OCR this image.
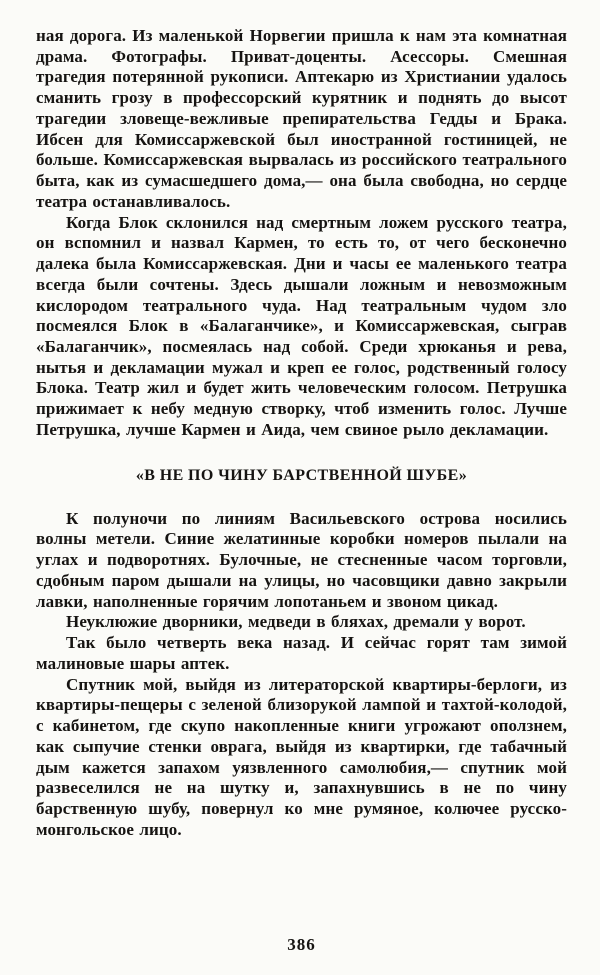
ная дорога. Из маленькой Норвегии пришла к нам эта комнатная драма. Фотографы. Приват-доценты. Асессоры. Смешная трагедия потерянной рукописи. Аптекарю из Христиании удалось сманить грозу в профессорский курятник и поднять до высот трагедии зловеще-вежливые препирательства Гедды и Брака. Ибсен для Комиссаржевской был иностранной гостиницей, не больше. Комиссаржевская вырвалась из российского театрального быта, как из сумасшедшего дома,— она была свободна, но сердце театра останавливалось.

Когда Блок склонился над смертным ложем русского театра, он вспомнил и назвал Кармен, то есть то, от чего бесконечно далека была Комиссаржевская. Дни и часы ее маленького театра всегда были сочтены. Здесь дышали ложным и невозможным кислородом театрального чуда. Над театральным чудом зло посмеялся Блок в «Балаганчике», и Комиссаржевская, сыграв «Балаганчик», посмеялась над собой. Среди хрюканья и рева, нытья и декламации мужал и креп ее голос, родственный голосу Блока. Театр жил и будет жить человеческим голосом. Петрушка прижимает к небу медную створку, чтоб изменить голос. Лучше Петрушка, лучше Кармен и Аида, чем свиное рыло декламации.

«В НЕ ПО ЧИНУ БАРСТВЕННОЙ ШУБЕ»

К полуночи по линиям Васильевского острова носились волны метели. Синие желатинные коробки номеров пылали на углах и подворотнях. Булочные, не стесненные часом торговли, сдобным паром дышали на улицы, но часовщики давно закрыли лавки, наполненные горячим лопотаньем и звоном цикад.

Неуклюжие дворники, медведи в бляхах, дремали у ворот.

Так было четверть века назад. И сейчас горят там зимой малиновые шары аптек.

Спутник мой, выйдя из литераторской квартиры-берлоги, из квартиры-пещеры с зеленой близорукой лампой и тахтой-колодой, с кабинетом, где скупо накопленные книги угрожают оползнем, как сыпучие стенки оврага, выйдя из квартирки, где табачный дым кажется запахом уязвленного самолюбия,— спутник мой развеселился не на шутку и, запахнувшись в не по чину барственную шубу, повернул ко мне румяное, колючее русско-монгольское лицо.

386
